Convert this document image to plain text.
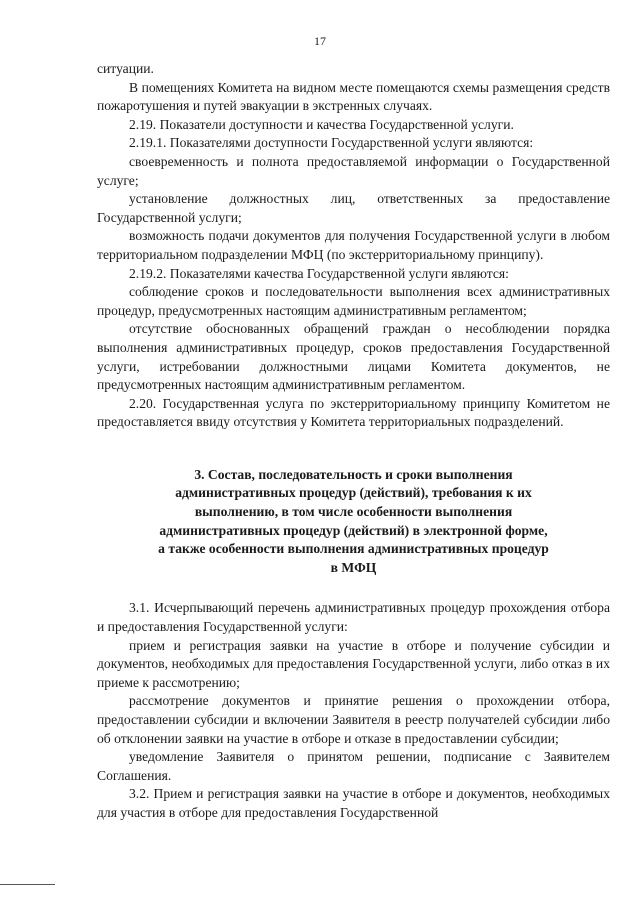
17

ситуации.

В помещениях Комитета на видном месте помещаются схемы размещения средств пожаротушения и путей эвакуации в экстренных случаях.

2.19. Показатели доступности и качества Государственной услуги.

2.19.1. Показателями доступности Государственной услуги являются:

своевременность и полнота предоставляемой информации о Государственной услуге;

установление должностных лиц, ответственных за предоставление Государственной услуги;

возможность подачи документов для получения Государственной услуги в любом территориальном подразделении МФЦ (по экстерриториальному принципу).

2.19.2. Показателями качества Государственной услуги являются:

соблюдение сроков и последовательности выполнения всех административных процедур, предусмотренных настоящим административным регламентом;

отсутствие обоснованных обращений граждан о несоблюдении порядка выполнения административных процедур, сроков предоставления Государственной услуги, истребовании должностными лицами Комитета документов, не предусмотренных настоящим административным регламентом.

2.20. Государственная услуга по экстерриториальному принципу Комитетом не предоставляется ввиду отсутствия у Комитета территориальных подразделений.

3. Состав, последовательность и сроки выполнения
административных процедур (действий), требования к их
выполнению, в том числе особенности выполнения
административных процедур (действий) в электронной форме,
а также особенности выполнения административных процедур
в МФЦ

3.1. Исчерпывающий перечень административных процедур прохождения отбора и предоставления Государственной услуги:

прием и регистрация заявки на участие в отборе и получение субсидии и документов, необходимых для предоставления Государственной услуги, либо отказ в их приеме к рассмотрению;

рассмотрение документов и принятие решения о прохождении отбора, предоставлении субсидии и включении Заявителя в реестр получателей субсидии либо об отклонении заявки на участие в отборе и отказе в предоставлении субсидии;

уведомление Заявителя о принятом решении, подписание с Заявителем Соглашения.

3.2. Прием и регистрация заявки на участие в отборе и документов, необходимых для участия в отборе для предоставления Государственной
